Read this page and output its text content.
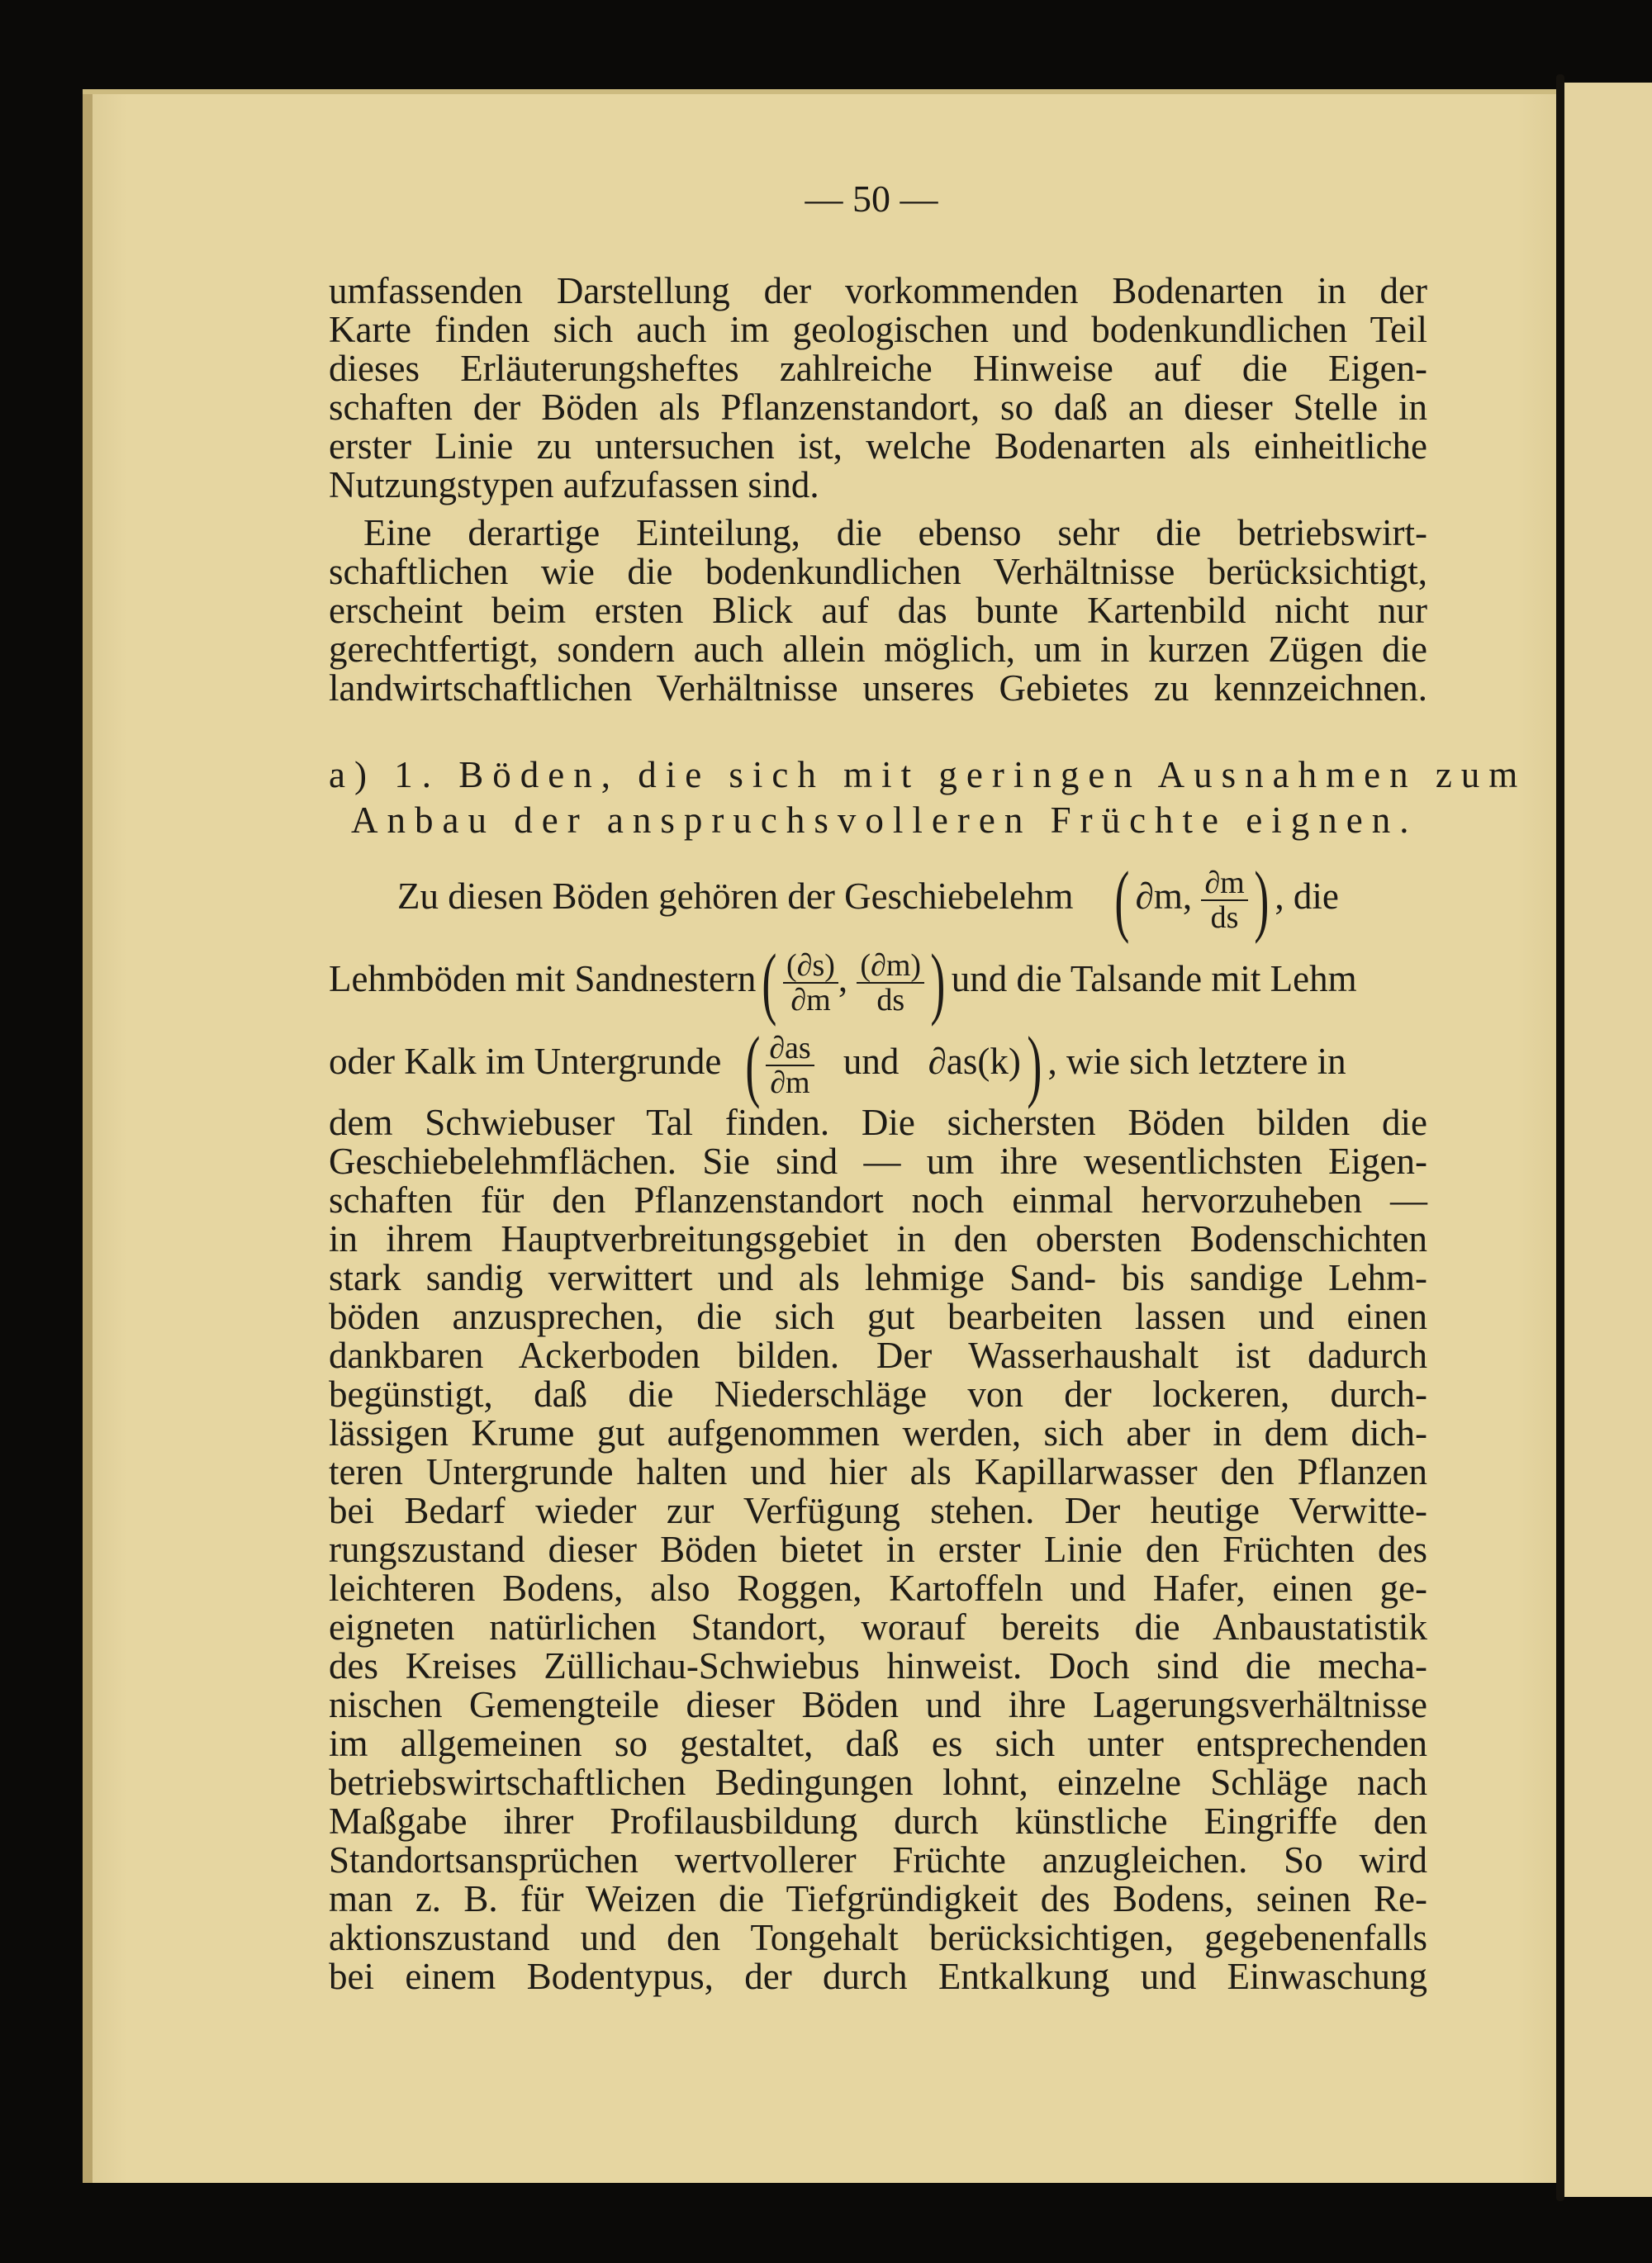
— 50 —
umfassenden Darstellung der vorkommenden Bodenarten in der
Karte finden sich auch im geologischen und bodenkundlichen Teil
dieses Erläuterungsheftes zahlreiche Hinweise auf die Eigen-
schaften der Böden als Pflanzenstandort, so daß an dieser Stelle in
erster Linie zu untersuchen ist, welche Bodenarten als einheitliche
Nutzungstypen aufzufassen sind.
Eine derartige Einteilung, die ebenso sehr die betriebswirt-
schaftlichen wie die bodenkundlichen Verhältnisse berücksichtigt,
erscheint beim ersten Blick auf das bunte Kartenbild nicht nur
gerechtfertigt, sondern auch allein möglich, um in kurzen Zügen die
landwirtschaftlichen Verhältnisse unseres Gebietes zu kennzeichnen.
a) 1. Böden, die sich mit geringen Ausnahmen zum
Anbau der anspruchsvolleren Früchte eignen.
Zu diesen Böden gehören der Geschiebelehm ( ∂m, $\frac{\partial m}{ds}$ ) , die
Lehmböden mit Sandnestern( $\frac{(\partial s)}{\partial m}$ , $\frac{(\partial m)}{ds}$ ) und die Talsande mit Lehm
oder Kalk im Untergrunde ( $\frac{\partial as}{\partial m}$ und ∂as(k)) , wie sich letztere in
dem Schwiebuser Tal finden. Die sichersten Böden bilden die
Geschiebelehmflächen. Sie sind — um ihre wesentlichsten Eigen-
schaften für den Pflanzenstandort noch einmal hervorzuheben —
in ihrem Hauptverbreitungsgebiet in den obersten Bodenschichten
stark sandig verwittert und als lehmige Sand- bis sandige Lehm-
böden anzusprechen, die sich gut bearbeiten lassen und einen
dankbaren Ackerboden bilden. Der Wasserhaushalt ist dadurch
begünstigt, daß die Niederschläge von der lockeren, durch-
lässigen Krume gut aufgenommen werden, sich aber in dem dich-
teren Untergrunde halten und hier als Kapillarwasser den Pflanzen
bei Bedarf wieder zur Verfügung stehen. Der heutige Verwitte-
rungszustand dieser Böden bietet in erster Linie den Früchten des
leichteren Bodens, also Roggen, Kartoffeln und Hafer, einen ge-
eigneten natürlichen Standort, worauf bereits die Anbaustatistik
des Kreises Züllichau-Schwiebus hinweist. Doch sind die mecha-
nischen Gemengteile dieser Böden und ihre Lagerungsverhältnisse
im allgemeinen so gestaltet, daß es sich unter entsprechenden
betriebswirtschaftlichen Bedingungen lohnt, einzelne Schläge nach
Maßgabe ihrer Profilausbildung durch künstliche Eingriffe den
Standortsansprüchen wertvollerer Früchte anzugleichen. So wird
man z. B. für Weizen die Tiefgründigkeit des Bodens, seinen Re-
aktionszustand und den Tongehalt berücksichtigen, gegebenenfalls
bei einem Bodentypus, der durch Entkalkung und Einwaschung
